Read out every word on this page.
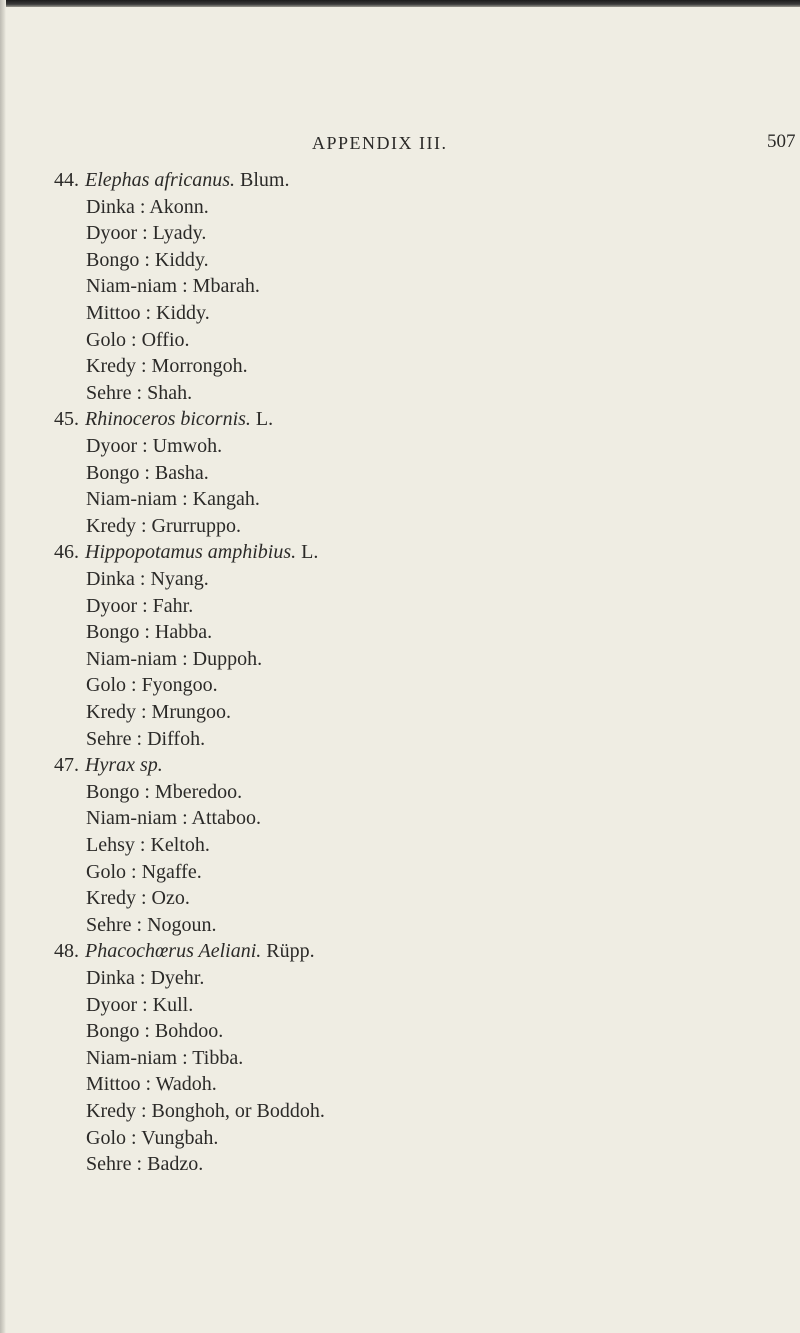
APPENDIX III.	507
44. Elephas africanus. Blum.
Dinka : Akonn.
Dyoor : Lyady.
Bongo : Kiddy.
Niam-niam : Mbarah.
Mittoo : Kiddy.
Golo : Offio.
Kredy : Morrongoh.
Sehre : Shah.
45. Rhinoceros bicornis. L.
Dyoor : Umwoh.
Bongo : Basha.
Niam-niam : Kangah.
Kredy : Grurruppo.
46. Hippopotamus amphibius. L.
Dinka : Nyang.
Dyoor : Fahr.
Bongo : Habba.
Niam-niam : Duppoh.
Golo : Fyongoo.
Kredy : Mrungoo.
Sehre : Diffoh.
47. Hyrax sp.
Bongo : Mberedoo.
Niam-niam : Attaboo.
Lehsy : Keltoh.
Golo : Ngaffe.
Kredy : Ozo.
Sehre : Nogoun.
48. Phacochœrus Aeliani. Rüpp.
Dinka : Dyehr.
Dyoor : Kull.
Bongo : Bohdoo.
Niam-niam : Tibba.
Mittoo : Wadoh.
Kredy : Bonghoh, or Boddoh.
Golo : Vungbah.
Sehre : Badzo.
